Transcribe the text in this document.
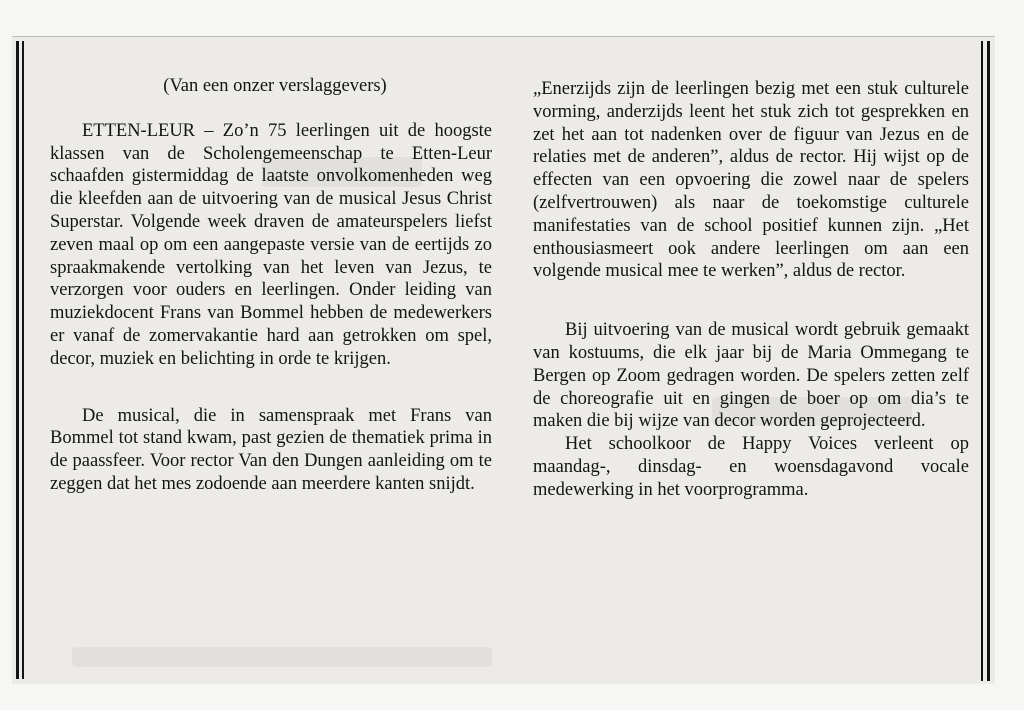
(Van een onzer verslaggevers)

ETTEN-LEUR – Zo’n 75 leerlingen uit de hoogste klassen van de Scholengemeenschap te Etten-Leur schaafden gistermiddag de laatste onvolkomenheden weg die kleefden aan de uitvoering van de musical Jesus Christ Superstar. Volgende week draven de amateurspelers liefst zeven maal op om een aangepaste versie van de eertijds zo spraakmakende vertolking van het leven van Jezus, te verzorgen voor ouders en leerlingen. Onder leiding van muziekdocent Frans van Bommel hebben de medewerkers er vanaf de zomervakantie hard aan getrokken om spel, decor, muziek en belichting in orde te krijgen.

De musical, die in samenspraak met Frans van Bommel tot stand kwam, past gezien de thematiek prima in de paassfeer. Voor rector Van den Dungen aanleiding om te zeggen dat het mes zodoende aan meerdere kanten snijdt.

„Enerzijds zijn de leerlingen bezig met een stuk culturele vorming, anderzijds leent het stuk zich tot gesprekken en zet het aan tot nadenken over de figuur van Jezus en de relaties met de anderen”, aldus de rector. Hij wijst op de effecten van een opvoering die zowel naar de spelers (zelfvertrouwen) als naar de toekomstige culturele manifestaties van de school positief kunnen zijn. „Het enthousiasmeert ook andere leerlingen om aan een volgende musical mee te werken”, aldus de rector.

Bij uitvoering van de musical wordt gebruik gemaakt van kostuums, die elk jaar bij de Maria Ommegang te Bergen op Zoom gedragen worden. De spelers zetten zelf de choreografie uit en gingen de boer op om dia’s te maken die bij wijze van decor worden geprojecteerd.

Het schoolkoor de Happy Voices verleent op maandag-, dinsdag- en woensdagavond vocale medewerking in het voorprogramma.
